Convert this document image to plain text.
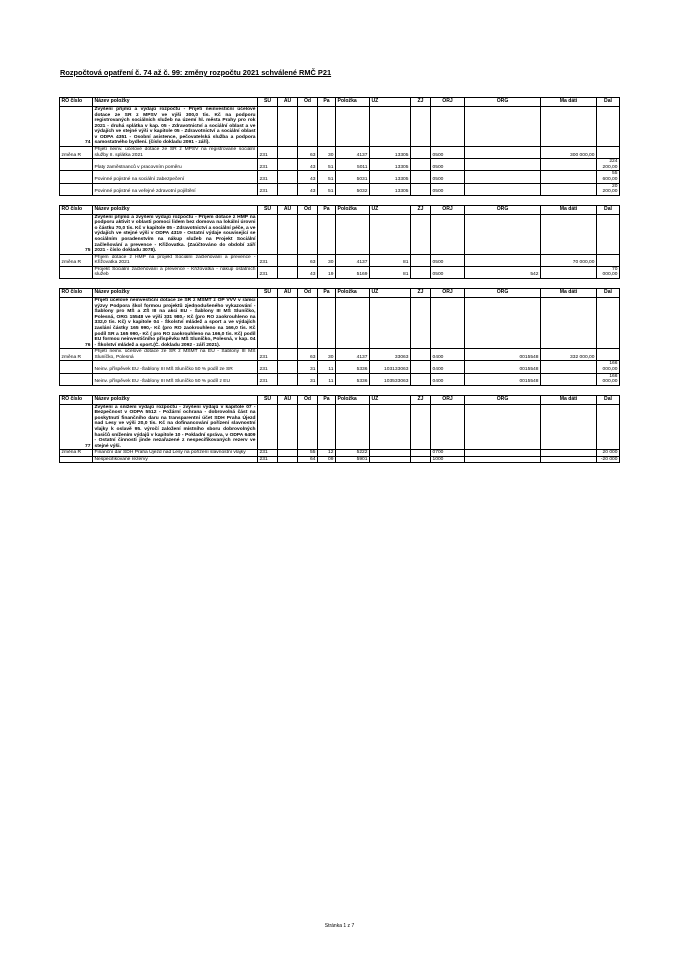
Rozpočtová opatření č. 74 až č. 99: změny rozpočtu 2021 schválené RMČ P21
RO číslo	Název položky	SU	AU	Od	Pa	Položka	UZ	ZJ	ORJ	ORG	Ma dáti	Dal
74	Zvýšení příjmů a výdajů rozpočtu - Přijetí neinvestiční účelové dotace ze SR z MPSV ve výši 300,0 tis. Kč na podporu registrovaných sociálních služeb na území hl. města Prahy pro rok 2021 - druhá splátka v kap. 05 - Zdravotnictví a sociální oblast a ve výdajích ve stejné výši v kapitole 05 - Zdravotnictví a sociální oblast v ODPA 4351 - Osobní asistence, pečovatelská služba a podpora samostatného bydlení. (číslo dokladu 2091 - září).											
změna R	Přijetí neinv. účelové dotace ze SR z MPSV na registrované sociální služby II. splátka 2021	231		63	30	4137	13305		0500		300 000,00	
	Platy zaměstnanců v pracovním poměru	231		43	51	5011	13305		0500			224 200,00
	Povinné pojistné na sociální zabezpečení	231		43	51	5031	13305		0500			55 600,00
	Povinné pojistné na veřejné zdravotní pojištění	231		43	51	5032	13305		0500			20 200,00
RO číslo	Název položky	SU	AU	Od	Pa	Položka	UZ	ZJ	ORJ	ORG	Ma dáti	Dal
75	Zvýšení příjmů a zvýšení výdajů rozpočtu - Příjem dotace z HMP na podporu aktivit v oblasti pomoci lidem bez domova na lokální úrovni o částku 70,0 tis. Kč v kapitole 05 - Zdravotnictví a sociální péče, a ve výdajích ve stejné výši v ODPA 4319 - Ostatní výdaje související se sociálním poradenstvím na nákup služeb na Projekt Sociální začleňování a prevence - Křižovatka. (Zaúčtováno do období září 2021 - číslo dokladu 3078).											
změna R	Příjem dotace z HMP na projekt Sociální začleňování a prevence - Křižovatka 2021	231		63	30	4137	81		0500		70 000,00	
	Projekt Sociální začleňování a prevence - Křižovatka - nákup ostatních služeb	231		43	19	5169	81		0500	542		70 000,00
RO číslo	Název položky	SU	AU	Od	Pa	Položka	UZ	ZJ	ORJ	ORG	Ma dáti	Dal
76	Přijetí účelové neinvestiční dotace ze SR z MŠMT z OP VVV v rámci výzvy Podpora škol formou projektů zjednodušeného vykazování - Šablony pro MŠ a ZŠ III na akci EU - Šablony III MŠ Sluníčko, Polesná, ORG 15548 ve výši 331 980,- Kč (pro RO zaokrouhleno na 332,0 tis. Kč) v kapitole 04 - Školství mládež a sport a ve výdajích zaslání částky 165 990,- Kč (pro RO zaokrouhleno na 166,0 tis. Kč podíl SR a 165 990,- Kč ( pro RO zaokrouhleno na 166,0 tis. Kč) podíl EU formou neinvestičního příspěvku MŠ Sluníčko, Polesná, v kap. 04 - Školství mládež a sport.(Č. dokladu 2092 - září 2021).											
změna R	Přijetí neinv. účelové dotace ze SR z MŠMT na EU - Šablony III MŠ Sluníčko, Polesná	231		63	30	4137	33063		0400	0015548	332 000,00	
	Neinv. příspěvek EU -Šablony III MŠ Sluníčko 50 % podíl ze SR	231		31	11	5336	103133063		0400	0015548		166 000,00
	Neinv. příspěvek EU -Šablony III MŠ Sluníčko 50 % podíl z EU	231		31	11	5336	103533063		0400	0015548		166 000,00
RO číslo	Název položky	SU	AU	Od	Pa	Položka	UZ	ZJ	ORJ	ORG	Ma dáti	Dal
77	Zvýšení a snížení výdajů rozpočtu - zvýšení výdajů v kapitole 07 - Bezpečnost v ODPA 5512 - Požární ochrana - dobrovolná část na poskytnutí finančního daru na transparentní účet SDH Praha Újezd nad Lesy ve výši 20,0 tis. Kč na dofinancování pořízení slavnostní vlajky k oslavě 95. výročí založení místního sboru dobrovolných hasičů snížením výdajů v kapitole 10 - Pokladní správa, v ODPA 6409 - Ostatní činnosti jinde nezařazené z nespecifikovaných rezerv ve stejné výši.											
změna R	Finanční dar SDH Praha Újezd nad Lesy na pořízení slavnostní vlajky	231		55	12	5222			0700			20 000
	Nespecifikované rezervy	231		64	09	5901			1000			-20 000
Stránka 1 z 7
